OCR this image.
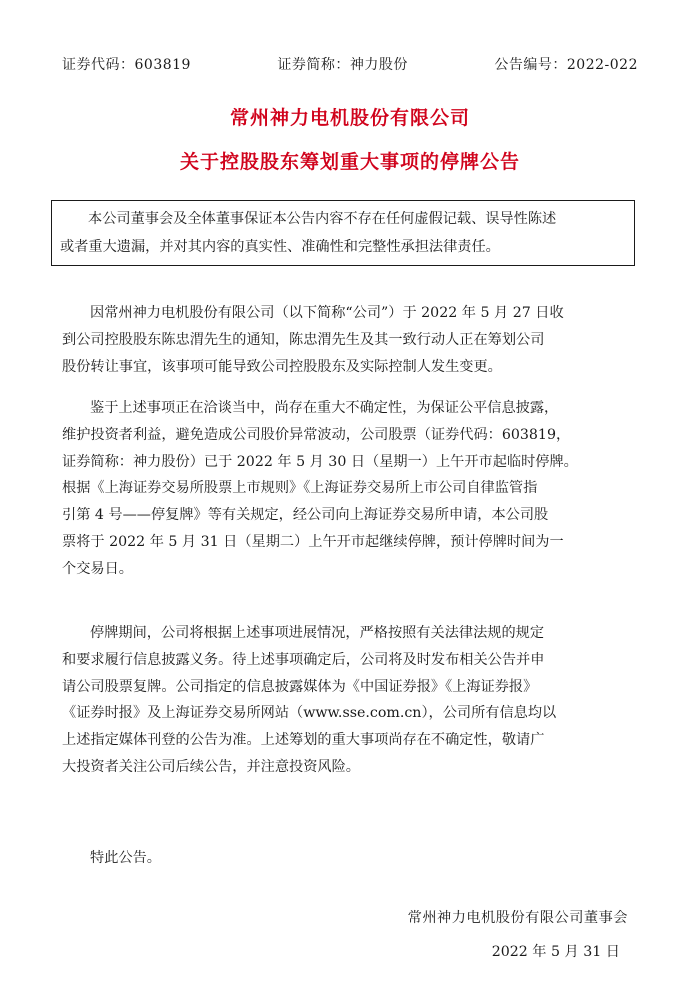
证券代码：603819	证券简称：神力股份	公告编号：2022-022
常州神力电机股份有限公司
关于控股股东筹划重大事项的停牌公告
本公司董事会及全体董事保证本公告内容不存在任何虚假记载、误导性陈述
或者重大遗漏，并对其内容的真实性、准确性和完整性承担法律责任。
因常州神力电机股份有限公司（以下简称“公司”）于 2022 年 5 月 27 日收
到公司控股股东陈忠渭先生的通知，陈忠渭先生及其一致行动人正在筹划公司
股份转让事宜，该事项可能导致公司控股股东及实际控制人发生变更。
鉴于上述事项正在洽谈当中，尚存在重大不确定性，为保证公平信息披露，
维护投资者利益，避免造成公司股价异常波动，公司股票（证券代码：603819，
证券简称：神力股份）已于 2022 年 5 月 30 日（星期一）上午开市起临时停牌。
根据《上海证券交易所股票上市规则》《上海证券交易所上市公司自律监管指
引第 4 号——停复牌》等有关规定，经公司向上海证券交易所申请，本公司股
票将于 2022 年 5 月 31 日（星期二）上午开市起继续停牌，预计停牌时间为一
个交易日。
停牌期间，公司将根据上述事项进展情况，严格按照有关法律法规的规定
和要求履行信息披露义务。待上述事项确定后，公司将及时发布相关公告并申
请公司股票复牌。公司指定的信息披露媒体为《中国证券报》《上海证券报》
《证券时报》及上海证券交易所网站（www.sse.com.cn），公司所有信息均以
上述指定媒体刊登的公告为准。上述筹划的重大事项尚存在不确定性，敬请广
大投资者关注公司后续公告，并注意投资风险。
特此公告。
常州神力电机股份有限公司董事会
2022 年 5 月 31 日
